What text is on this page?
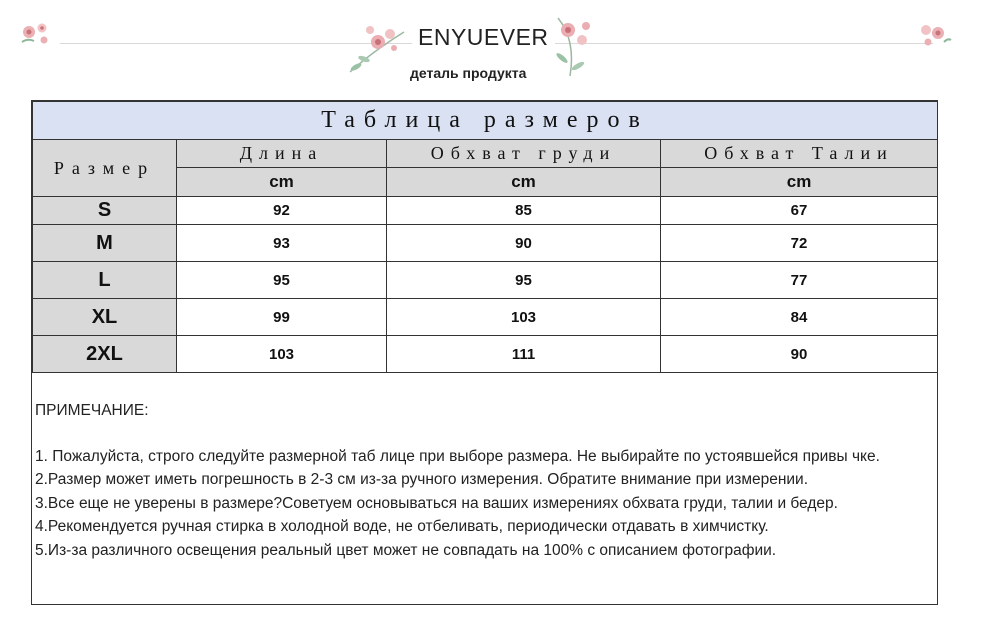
ENYUEVER
деталь продукта
Таблица размеров			
Размер	Длина	Обхват груди	Обхват Талии
	cm	cm	cm
S	92	85	67
M	93	90	72
L	95	95	77
XL	99	103	84
2XL	103	111	90

ПРИМЕЧАНИЕ:

1. Пожалуйста, строго следуйте размерной таб лице при выборе размера. Не выбирайте по устоявшейся привы чке.

2.Размер может иметь погрешность в 2-3 см из-за ручного измерения. Обратите внимание при измерении.

3.Все еще не уверены в размере?Советуем основываться на ваших измерениях обхвата груди, талии и бедер.

4.Рекомендуется ручная стирка в холодной воде, не отбеливать, периодически отдавать в химчистку.

5.Из-за различного освещения реальный цвет может не совпадать на 100% с описанием фотографии.
